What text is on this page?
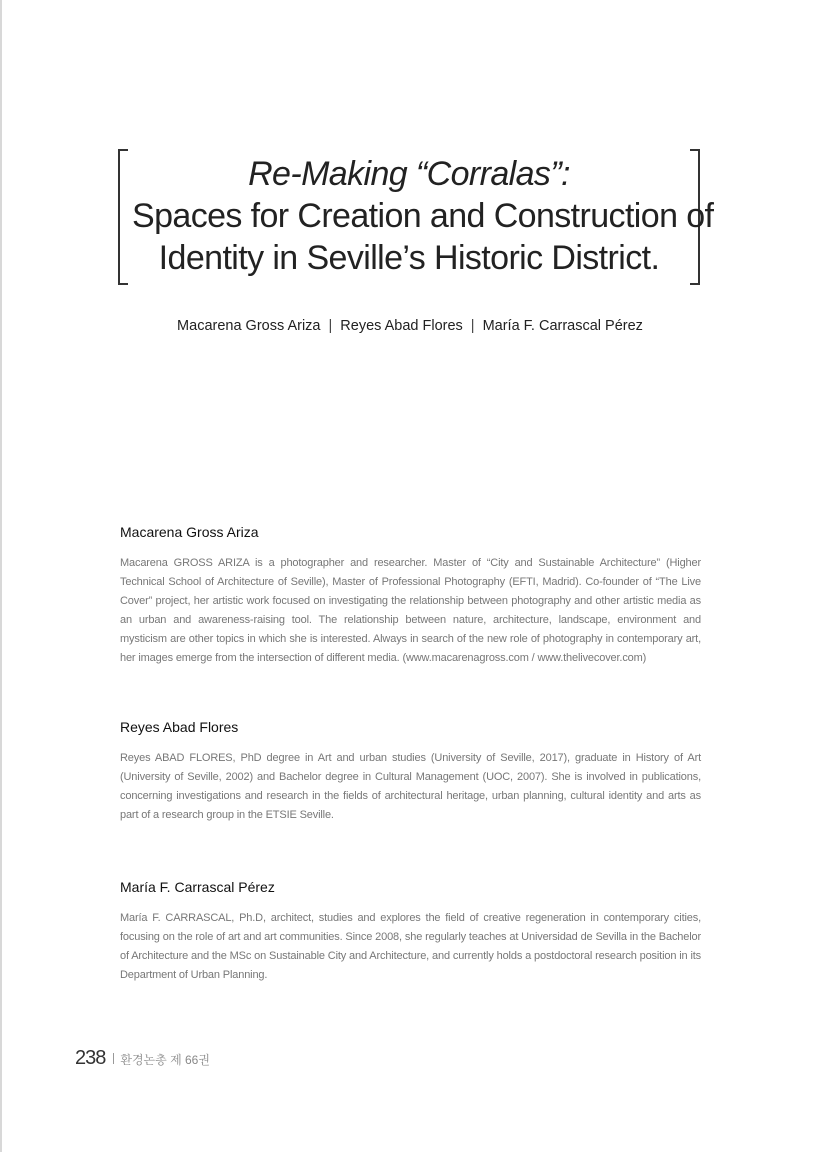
Re-Making “Corralas”:
Spaces for Creation and Construction of
Identity in Seville’s Historic District.
Macarena Gross Ariza | Reyes Abad Flores | María F. Carrascal Pérez
Macarena Gross Ariza

Macarena GROSS ARIZA is a photographer and researcher. Master of “City and Sustainable Architecture” (Higher Technical School of Architecture of Seville), Master of Professional Photography (EFTI, Madrid). Co-founder of “The Live Cover” project, her artistic work focused on investigating the relationship between photography and other artistic media as an urban and awareness-raising tool. The relationship between nature, architecture, landscape, environment and mysticism are other topics in which she is interested. Always in search of the new role of photography in contemporary art, her images emerge from the intersection of different media. (www.macarenagross.com / www.thelivecover.com)

Reyes Abad Flores

Reyes ABAD FLORES, PhD degree in Art and urban studies (University of Seville, 2017), graduate in History of Art (University of Seville, 2002) and Bachelor degree in Cultural Management (UOC, 2007). She is involved in publications, concerning investigations and research in the fields of architectural heritage, urban planning, cultural identity and arts as part of a research group in the ETSIE Seville.

María F. Carrascal Pérez

María F. CARRASCAL, Ph.D, architect, studies and explores the field of creative regeneration in contemporary cities, focusing on the role of art and art communities. Since 2008, she regularly teaches at Universidad de Sevilla in the Bachelor of Architecture and the MSc on Sustainable City and Architecture, and currently holds a postdoctoral research position in its Department of Urban Planning.

238 환경논총 제 66권
